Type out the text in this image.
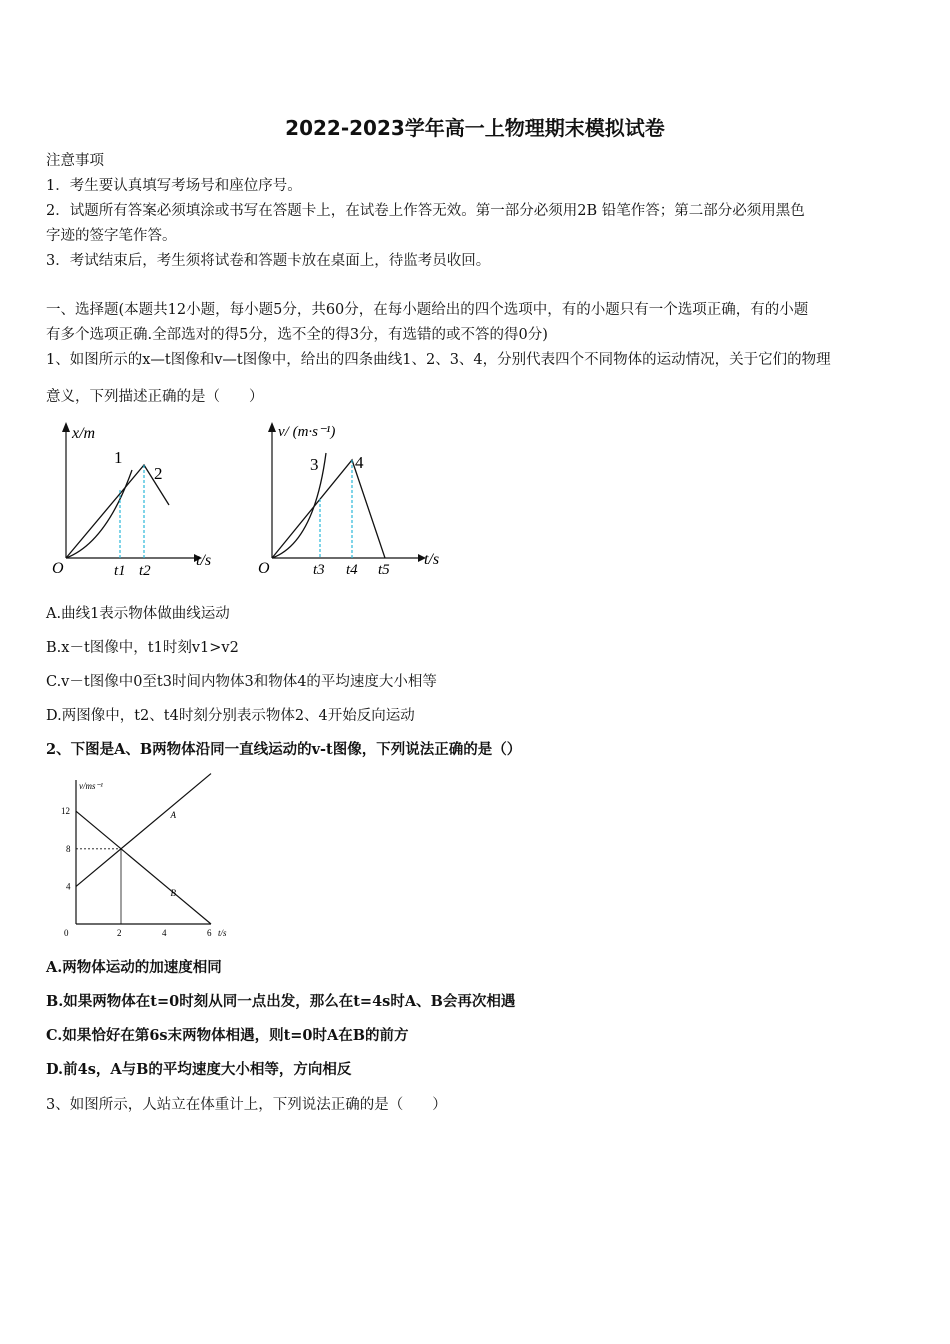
2022-2023学年高一上物理期末模拟试卷
注意事项
1．考生要认真填写考场号和座位序号。
2．试题所有答案必须填涂或书写在答题卡上，在试卷上作答无效。第一部分必须用2B 铅笔作答；第二部分必须用黑色
字迹的签字笔作答。
3．考试结束后，考生须将试卷和答题卡放在桌面上，待监考员收回。
一、选择题(本题共12小题，每小题5分，共60分，在每小题给出的四个选项中，有的小题只有一个选项正确，有的小题
有多个选项正确.全部选对的得5分，选不全的得3分，有选错的或不答的得0分)
1、如图所示的x—t图像和v—t图像中，给出的四条曲线1、2、3、4，分别代表四个不同物体的运动情况，关于它们的物理
意义，下列描述正确的是（　　）
x/m
t/s
O
1
2
t1 t2
v/ (m·s⁻¹)
t/s
O
3 4
t3 t4 t5
A.曲线1表示物体做曲线运动
B.x－t图像中，t1时刻v1>v2
C.v－t图像中0至t3时间内物体3和物体4的平均速度大小相等
D.两图像中，t2、t4时刻分别表示物体2、4开始反向运动
2、下图是A、B两物体沿同一直线运动的v-t图像，下列说法正确的是（）
v/ms⁻¹
t/s
A
B
0	2	4	6
4
8
12
A.两物体运动的加速度相同
B.如果两物体在t=0时刻从同一点出发，那么在t=4s时A、B会再次相遇
C.如果恰好在第6s末两物体相遇，则t=0时A在B的前方
D.前4s，A与B的平均速度大小相等，方向相反
3、如图所示，人站立在体重计上，下列说法正确的是（　　）
